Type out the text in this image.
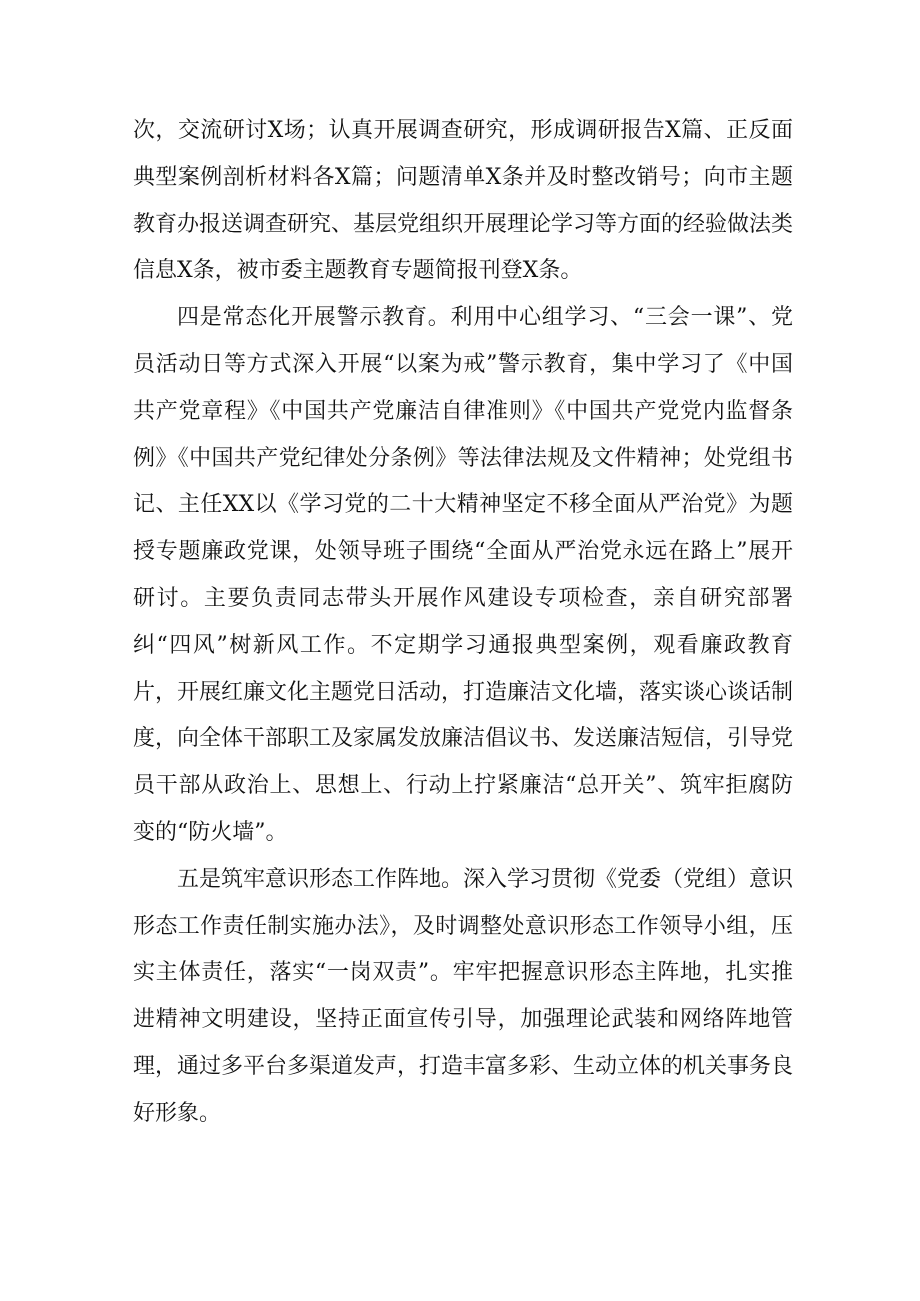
次，交流研讨X场；认真开展调查研究，形成调研报告X篇、正反面典型案例剖析材料各X篇；问题清单X条并及时整改销号；向市主题教育办报送调查研究、基层党组织开展理论学习等方面的经验做法类信息X条，被市委主题教育专题简报刊登X条。

四是常态化开展警示教育。利用中心组学习、“三会一课”、党员活动日等方式深入开展“以案为戒”警示教育，集中学习了《中国共产党章程》《中国共产党廉洁自律准则》《中国共产党党内监督条例》《中国共产党纪律处分条例》等法律法规及文件精神；处党组书记、主任XX以《学习党的二十大精神坚定不移全面从严治党》为题授专题廉政党课，处领导班子围绕“全面从严治党永远在路上”展开研讨。主要负责同志带头开展作风建设专项检查，亲自研究部署纠“四风”树新风工作。不定期学习通报典型案例，观看廉政教育片，开展红廉文化主题党日活动，打造廉洁文化墙，落实谈心谈话制度，向全体干部职工及家属发放廉洁倡议书、发送廉洁短信，引导党员干部从政治上、思想上、行动上拧紧廉洁“总开关”、筑牢拒腐防变的“防火墙”。

五是筑牢意识形态工作阵地。深入学习贯彻《党委（党组）意识形态工作责任制实施办法》，及时调整处意识形态工作领导小组，压实主体责任，落实“一岗双责”。牢牢把握意识形态主阵地，扎实推进精神文明建设，坚持正面宣传引导，加强理论武装和网络阵地管理，通过多平台多渠道发声，打造丰富多彩、生动立体的机关事务良好形象。
